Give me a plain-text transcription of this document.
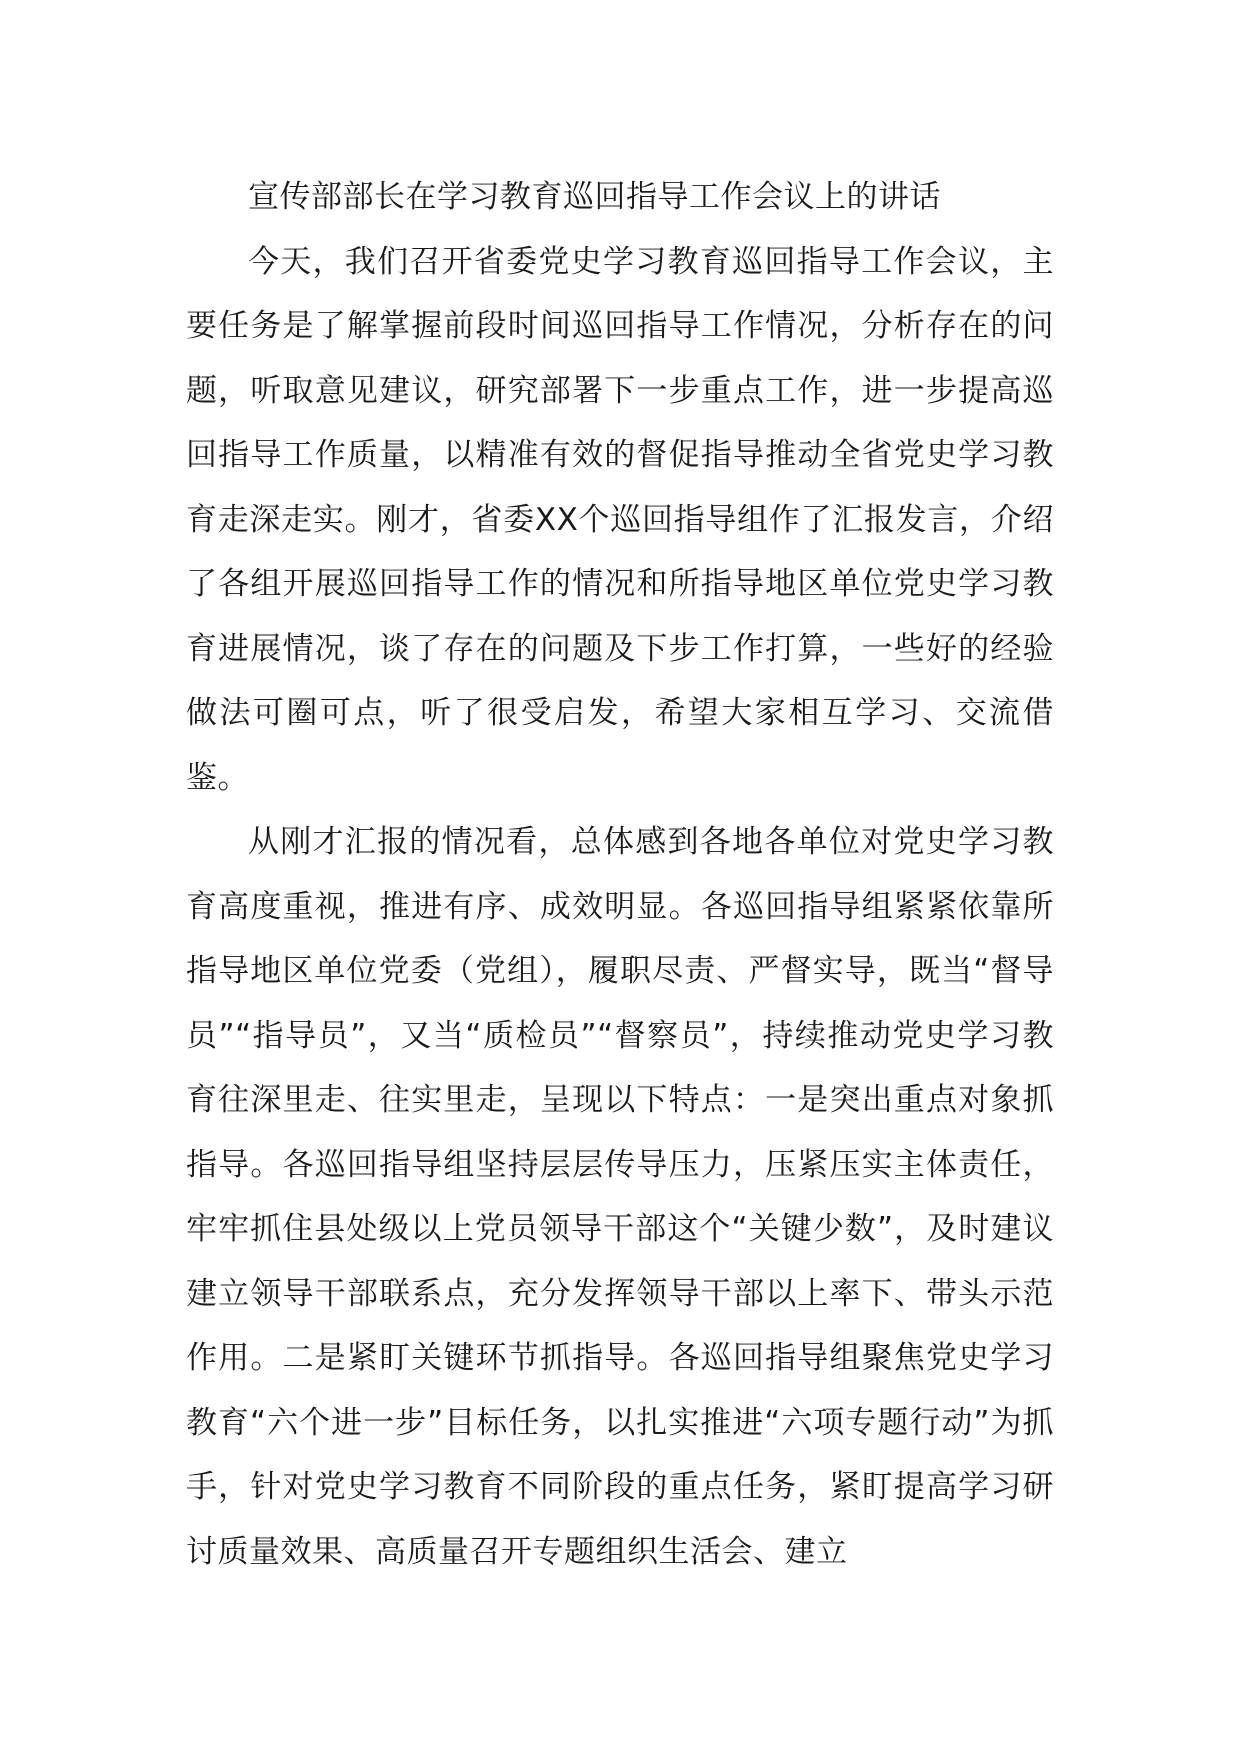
宣传部部长在学习教育巡回指导工作会议上的讲话

今天，我们召开省委党史学习教育巡回指导工作会议，主要任务是了解掌握前段时间巡回指导工作情况，分析存在的问题，听取意见建议，研究部署下一步重点工作，进一步提高巡回指导工作质量，以精准有效的督促指导推动全省党史学习教育走深走实。刚才，省委XX个巡回指导组作了汇报发言，介绍了各组开展巡回指导工作的情况和所指导地区单位党史学习教育进展情况，谈了存在的问题及下步工作打算，一些好的经验做法可圈可点，听了很受启发，希望大家相互学习、交流借鉴。

从刚才汇报的情况看，总体感到各地各单位对党史学习教育高度重视，推进有序、成效明显。各巡回指导组紧紧依靠所指导地区单位党委（党组），履职尽责、严督实导，既当“督导员”“指导员”，又当“质检员”“督察员”，持续推动党史学习教育往深里走、往实里走，呈现以下特点：一是突出重点对象抓指导。各巡回指导组坚持层层传导压力，压紧压实主体责任，牢牢抓住县处级以上党员领导干部这个“关键少数”，及时建议建立领导干部联系点，充分发挥领导干部以上率下、带头示范作用。二是紧盯关键环节抓指导。各巡回指导组聚焦党史学习教育“六个进一步”目标任务，以扎实推进“六项专题行动”为抓手，针对党史学习教育不同阶段的重点任务，紧盯提高学习研讨质量效果、高质量召开专题组织生活会、建立
